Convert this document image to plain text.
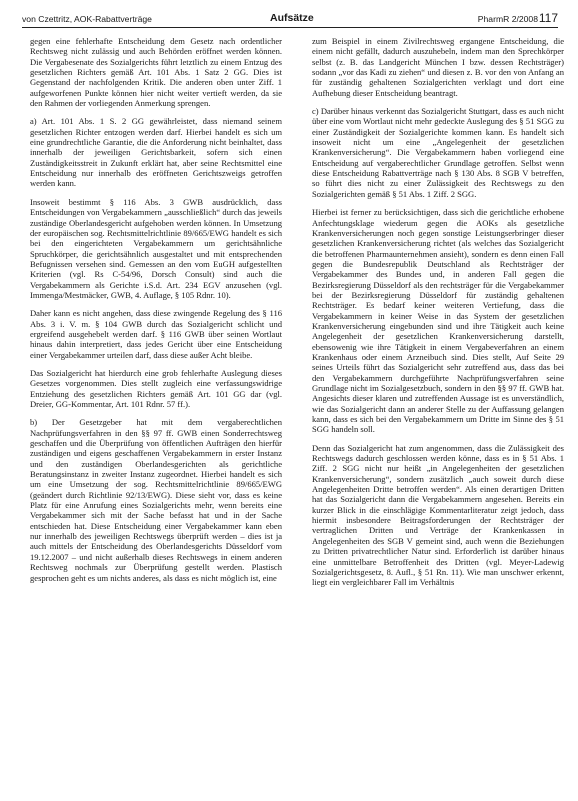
von Czettritz, AOK-Rabattverträge	Aufsätze	PharmR 2/2008 117

gegen eine fehlerhafte Entscheidung dem Gesetz nach ordentlicher Rechtsweg nicht zulässig und auch Behörden eröffnet werden können. Die Vergabesenate des Sozialgerichts führt letztlich zu einem Entzug des gesetzlichen Richters gemäß Art. 101 Abs. 1 Satz 2 GG. Dies ist Gegenstand der nachfolgenden Kritik. Die anderen oben unter Ziff. 1 aufgeworfenen Punkte können hier nicht weiter vertieft werden, da sie den Rahmen der vorliegenden Anmerkung sprengen.

a) Art. 101 Abs. 1 S. 2 GG gewährleistet, dass niemand seinem gesetzlichen Richter entzogen werden darf. Hierbei handelt es sich um eine grundrechtliche Garantie, die die Anforderung nicht beinhaltet, dass innerhalb der jeweiligen Gerichtsbarkeit, sofern sich einen Zuständigkeitsstreit in Zukunft erklärt hat, aber seine Rechtsmittel eine Entscheidung nur innerhalb des eröffneten Gerichtszweigs getroffen werden kann.

Insoweit bestimmt § 116 Abs. 3 GWB ausdrücklich, dass Entscheidungen von Vergabekammern „ausschließlich“ durch das jeweils zuständige Oberlandesgericht aufgehoben werden können. In Umsetzung der europäischen sog. Rechtsmittelrichtlinie 89/665/EWG handelt es sich bei den eingerichteten Vergabekammern um gerichtsähnliche Spruchkörper, die gerichtsähnlich ausgestaltet und mit entsprechenden Befugnissen versehen sind. Gemessen an den vom EuGH aufgestellten Kriterien (vgl. Rs C-54/96, Dorsch Consult) sind auch die Vergabekammern als Gerichte i.S.d. Art. 234 EGV anzusehen (vgl. Immenga/Mestmäcker, GWB, 4. Auflage, § 105 Rdnr. 10).

Daher kann es nicht angehen, dass diese zwingende Regelung des § 116 Abs. 3 i. V. m. § 104 GWB durch das Sozialgericht schlicht und ergreifend ausgehebelt werden darf. § 116 GWB über seinen Wortlaut hinaus dahin interpretiert, dass jedes Gericht über eine Entscheidung einer Vergabekammer urteilen darf, dass diese außer Acht bleibe.

Das Sozialgericht hat hierdurch eine grob fehlerhafte Auslegung dieses Gesetzes vorgenommen. Dies stellt zugleich eine verfassungswidrige Entziehung des gesetzlichen Richters gemäß Art. 101 GG dar (vgl. Dreier, GG-Kommentar, Art. 101 Rdnr. 57 ff.).

b) Der Gesetzgeber hat mit dem vergaberechtlichen Nachprüfungsverfahren in den §§ 97 ff. GWB einen Sonderrechtsweg geschaffen und die Überprüfung von öffentlichen Aufträgen den hierfür zuständigen und eigens geschaffenen Vergabekammern in erster Instanz und den zuständigen Oberlandesgerichten als gerichtliche Beratungsinstanz in zweiter Instanz zugeordnet. Hierbei handelt es sich um eine Umsetzung der sog. Rechtsmittelrichtlinie 89/665/EWG (geändert durch Richtlinie 92/13/EWG). Diese sieht vor, dass es keine Platz für eine Anrufung eines Sozialgerichts mehr, wenn bereits eine Vergabekammer sich mit der Sache befasst hat und in der Sache entschieden hat. Diese Entscheidung einer Vergabekammer kann eben nur innerhalb des jeweiligen Rechtswegs überprüft werden – dies ist ja auch mittels der Entscheidung des Oberlandesgerichts Düsseldorf vom 19.12.2007 – und nicht außerhalb dieses Rechtswegs in einem anderen Rechtsweg nochmals zur Überprüfung gestellt werden. Plastisch gesprochen geht es um nichts anderes, als dass es nicht möglich ist, eine

zum Beispiel in einem Zivilrechtsweg ergangene Entscheidung, die einem nicht gefällt, dadurch auszuhebeln, indem man den Sprechkörper selbst (z. B. das Landgericht München I bzw. dessen Rechtsträger) sodann „vor das Kadi zu ziehen“ und diesen z. B. vor den von Anfang an für zuständig gehaltenen Sozialgerichten verklagt und dort eine Aufhebung dieser Entscheidung beantragt.

c) Darüber hinaus verkennt das Sozialgericht Stuttgart, dass es auch nicht über eine vom Wortlaut nicht mehr gedeckte Auslegung des § 51 SGG zu einer Zuständigkeit der Sozialgerichte kommen kann. Es handelt sich insoweit nicht um eine „Angelegenheit der gesetzlichen Krankenversicherung“. Die Vergabekammern haben vorliegend eine Entscheidung auf vergaberechtlicher Grundlage getroffen. Selbst wenn diese Entscheidung Rabattverträge nach § 130 Abs. 8 SGB V betreffen, so führt dies nicht zu einer Zulässigkeit des Rechtswegs zu den Sozialgerichten gemäß § 51 Abs. 1 Ziff. 2 SGG.

Hierbei ist ferner zu berücksichtigen, dass sich die gerichtliche erhobene Anfechtungsklage wiederum gegen die AOKs als gesetzliche Krankenversicherungen noch gegen sonstige Leistungserbringer dieser gesetzlichen Krankenversicherung richtet (als welches das Sozialgericht die betroffenen Pharmaunternehmen ansieht), sondern es denn einen Fall gegen die Bundesrepublik Deutschland als Rechtsträger der Vergabekammer des Bundes und, in anderen Fall gegen die Bezirksregierung Düsseldorf als den rechtsträger für die Vergabekammer bei der Bezirksregierung Düsseldorf für zuständig gehaltenen Rechtsträger. Es bedarf keiner weiteren Vertiefung, dass die Vergabekammern in keiner Weise in das System der gesetzlichen Krankenversicherung eingebunden sind und ihre Tätigkeit auch keine Angelegenheit der gesetzlichen Krankenversicherung darstellt, ebensowenig wie ihre Tätigkeit in einem Vergabeverfahren an einem Krankenhaus oder einem Arzneibuch sind. Dies stellt, Auf Seite 29 seines Urteils führt das Sozialgericht sehr zutreffend aus, dass das bei den Vergabekammern durchgeführte Nachprüfungsverfahren seine Grundlage nicht im Sozialgesetzbuch, sondern in den §§ 97 ff. GWB hat. Angesichts dieser klaren und zutreffenden Aussage ist es unverständlich, wie das Sozialgericht dann an anderer Stelle zu der Auffassung gelangen kann, dass es sich bei den Vergabekammern um Dritte im Sinne des § 51 SGG handeln soll.

Denn das Sozialgericht hat zum angenommen, dass die Zulässigkeit des Rechtswegs dadurch geschlossen werden könne, dass es in § 51 Abs. 1 Ziff. 2 SGG nicht nur heißt „in Angelegenheiten der gesetzlichen Krankenversicherung“, sondern zusätzlich „auch soweit durch diese Angelegenheiten Dritte betroffen werden“. Als einen derartigen Dritten hat das Sozialgericht dann die Vergabekammern angesehen. Bereits ein kurzer Blick in die einschlägige Kommentarliteratur zeigt jedoch, dass hiermit insbesondere Beitragsforderungen der Rechtsträger der vertraglichen Dritten und Verträge der Krankenkassen in Angelegenheiten des SGB V gemeint sind, auch wenn die Beziehungen zu Dritten privatrechtlicher Natur sind. Erforderlich ist darüber hinaus eine unmittelbare Betroffenheit des Dritten (vgl. Meyer-Ladewig Sozialgerichtsgesetz, 8. Aufl., § 51 Rn. 11). Wie man unschwer erkennt, liegt ein vergleichbarer Fall im Verhältnis
